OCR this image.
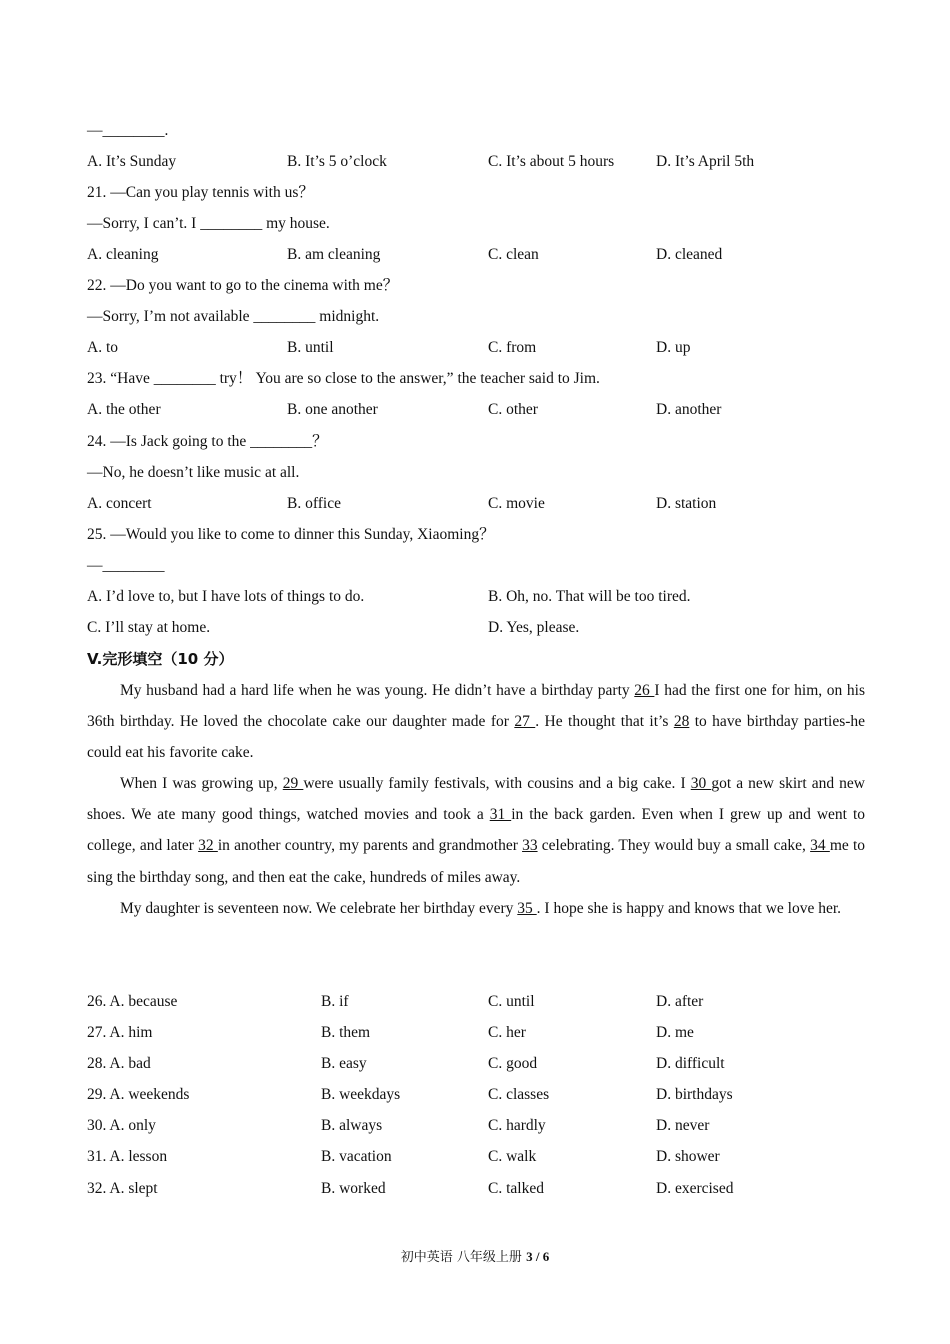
—________.
A. It’s Sunday	B. It’s 5 o’clock	C. It’s about 5 hours	D. It’s April 5th
21. —Can you play tennis with us？
—Sorry, I can’t. I ________ my house.
A. cleaning	B. am cleaning	C. clean	D. cleaned
22. —Do you want to go to the cinema with me？
—Sorry, I’m not available ________ midnight.
A. to	B. until	C. from	D. up
23. “Have ________ try！ You are so close to the answer,” the teacher said to Jim.
A. the other	B. one another	C. other	D. another
24. —Is Jack going to the ________？
—No, he doesn’t like music at all.
A. concert	B. office	C. movie	D. station
25. —Would you like to come to dinner this Sunday, Xiaoming？
—________
A. I’d love to, but I have lots of things to do.	B. Oh, no. That will be too tired.
C. I’ll stay at home.	D. Yes, please.
V.完形填空（10 分）

My husband had a hard life when he was young. He didn’t have a birthday party 26 I had the first one for him, on his 36th birthday. He loved the chocolate cake our daughter made for 27 . He thought that it’s 28 to have birthday parties-he could eat his favorite cake.

When I was growing up, 29 were usually family festivals, with cousins and a big cake. I 30 got a new skirt and new shoes. We ate many good things, watched movies and took a 31 in the back garden. Even when I grew up and went to college, and later 32 in another country, my parents and grandmother 33 celebrating. They would buy a small cake, 34 me to sing the birthday song, and then eat the cake, hundreds of miles away.

My daughter is seventeen now. We celebrate her birthday every 35 . I hope she is happy and knows that we love her.

26. A. because	B. if	C. until	D. after
27. A. him	B. them	C. her	D. me
28. A. bad	B. easy	C. good	D. difficult
29. A. weekends	B. weekdays	C. classes	D. birthdays
30. A. only	B. always	C. hardly	D. never
31. A. lesson	B. vacation	C. walk	D. shower
32. A. slept	B. worked	C. talked	D. exercised
初中英语 八年级上册 3 / 6
